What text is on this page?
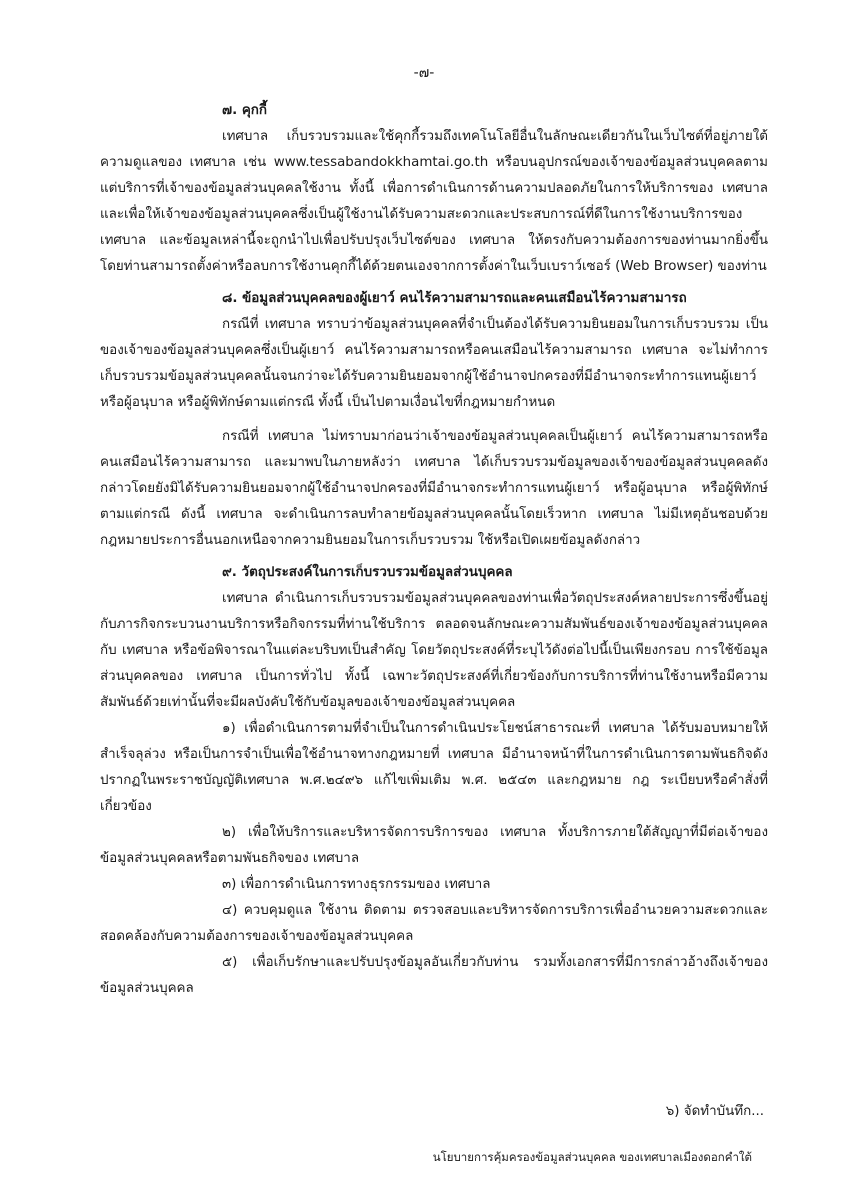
-๗-

๗. คุกกี้

เทศบาล เก็บรวบรวมและใช้คุกกี้รวมถึงเทคโนโลยีอื่นในลักษณะเดียวกันในเว็บไซต์ที่อยู่ภายใต้ความดูแลของ เทศบาล เช่น www.tessabandokkhamtai.go.th หรือบนอุปกรณ์ของเจ้าของข้อมูลส่วนบุคคลตามแต่บริการที่เจ้าของข้อมูลส่วนบุคคลใช้งาน ทั้งนี้ เพื่อการดำเนินการด้านความปลอดภัยในการให้บริการของ เทศบาล และเพื่อให้เจ้าของข้อมูลส่วนบุคคลซึ่งเป็นผู้ใช้งานได้รับความสะดวกและประสบการณ์ที่ดีในการใช้งานบริการของ เทศบาล และข้อมูลเหล่านี้จะถูกนำไปเพื่อปรับปรุงเว็บไซต์ของ เทศบาล ให้ตรงกับความต้องการของท่านมากยิ่งขึ้น โดยท่านสามารถตั้งค่าหรือลบการใช้งานคุกกี้ได้ด้วยตนเองจากการตั้งค่าในเว็บเบราว์เซอร์ (Web Browser) ของท่าน

๘. ข้อมูลส่วนบุคคลของผู้เยาว์ คนไร้ความสามารถและคนเสมือนไร้ความสามารถ

กรณีที่ เทศบาล ทราบว่าข้อมูลส่วนบุคคลที่จำเป็นต้องได้รับความยินยอมในการเก็บรวบรวม เป็นของเจ้าของข้อมูลส่วนบุคคลซึ่งเป็นผู้เยาว์ คนไร้ความสามารถหรือคนเสมือนไร้ความสามารถ เทศบาล จะไม่ทำการเก็บรวบรวมข้อมูลส่วนบุคคลนั้นจนกว่าจะได้รับความยินยอมจากผู้ใช้อำนาจปกครองที่มีอำนาจกระทำการแทนผู้เยาว์ หรือผู้อนุบาล หรือผู้พิทักษ์ตามแต่กรณี ทั้งนี้ เป็นไปตามเงื่อนไขที่กฎหมายกำหนด

กรณีที่ เทศบาล ไม่ทราบมาก่อนว่าเจ้าของข้อมูลส่วนบุคคลเป็นผู้เยาว์ คนไร้ความสามารถหรือคนเสมือนไร้ความสามารถ และมาพบในภายหลังว่า เทศบาล ได้เก็บรวบรวมข้อมูลของเจ้าของข้อมูลส่วนบุคคลดังกล่าวโดยยังมิได้รับความยินยอมจากผู้ใช้อำนาจปกครองที่มีอำนาจกระทำการแทนผู้เยาว์ หรือผู้อนุบาล หรือผู้พิทักษ์ตามแต่กรณี ดังนี้ เทศบาล จะดำเนินการลบทำลายข้อมูลส่วนบุคคลนั้นโดยเร็วหาก เทศบาล ไม่มีเหตุอันชอบด้วยกฎหมายประการอื่นนอกเหนือจากความยินยอมในการเก็บรวบรวม ใช้หรือเปิดเผยข้อมูลดังกล่าว

๙. วัตถุประสงค์ในการเก็บรวบรวมข้อมูลส่วนบุคคล

เทศบาล ดำเนินการเก็บรวบรวมข้อมูลส่วนบุคคลของท่านเพื่อวัตถุประสงค์หลายประการซึ่งขึ้นอยู่กับภารกิจกระบวนงานบริการหรือกิจกรรมที่ท่านใช้บริการ ตลอดจนลักษณะความสัมพันธ์ของเจ้าของข้อมูลส่วนบุคคล กับ เทศบาล หรือข้อพิจารณาในแต่ละบริบทเป็นสำคัญ โดยวัตถุประสงค์ที่ระบุไว้ดังต่อไปนี้เป็นเพียงกรอบ การใช้ข้อมูลส่วนบุคคลของ เทศบาล เป็นการทั่วไป ทั้งนี้ เฉพาะวัตถุประสงค์ที่เกี่ยวข้องกับการบริการที่ท่านใช้งานหรือมีความสัมพันธ์ด้วยเท่านั้นที่จะมีผลบังคับใช้กับข้อมูลของเจ้าของข้อมูลส่วนบุคคล

๑) เพื่อดำเนินการตามที่จำเป็นในการดำเนินประโยชน์สาธารณะที่ เทศบาล ได้รับมอบหมายให้สำเร็จลุล่วง หรือเป็นการจำเป็นเพื่อใช้อำนาจทางกฎหมายที่ เทศบาล มีอำนาจหน้าที่ในการดำเนินการตามพันธกิจดังปรากฏในพระราชบัญญัติเทศบาล พ.ศ.๒๔๙๖ แก้ไขเพิ่มเติม พ.ศ. ๒๕๔๓ และกฎหมาย กฎ ระเบียบหรือคำสั่งที่เกี่ยวข้อง

๒) เพื่อให้บริการและบริหารจัดการบริการของ เทศบาล ทั้งบริการภายใต้สัญญาที่มีต่อเจ้าของข้อมูลส่วนบุคคลหรือตามพันธกิจของ เทศบาล

๓) เพื่อการดำเนินการทางธุรกรรมของ เทศบาล

๔) ควบคุมดูแล ใช้งาน ติดตาม ตรวจสอบและบริหารจัดการบริการเพื่ออำนวยความสะดวกและสอดคล้องกับความต้องการของเจ้าของข้อมูลส่วนบุคคล

๕) เพื่อเก็บรักษาและปรับปรุงข้อมูลอันเกี่ยวกับท่าน รวมทั้งเอกสารที่มีการกล่าวอ้างถึงเจ้าของข้อมูลส่วนบุคคล

๖) จัดทำบันทึก...
นโยบายการคุ้มครองข้อมูลส่วนบุคคล ของเทศบาลเมืองดอกคำใต้
